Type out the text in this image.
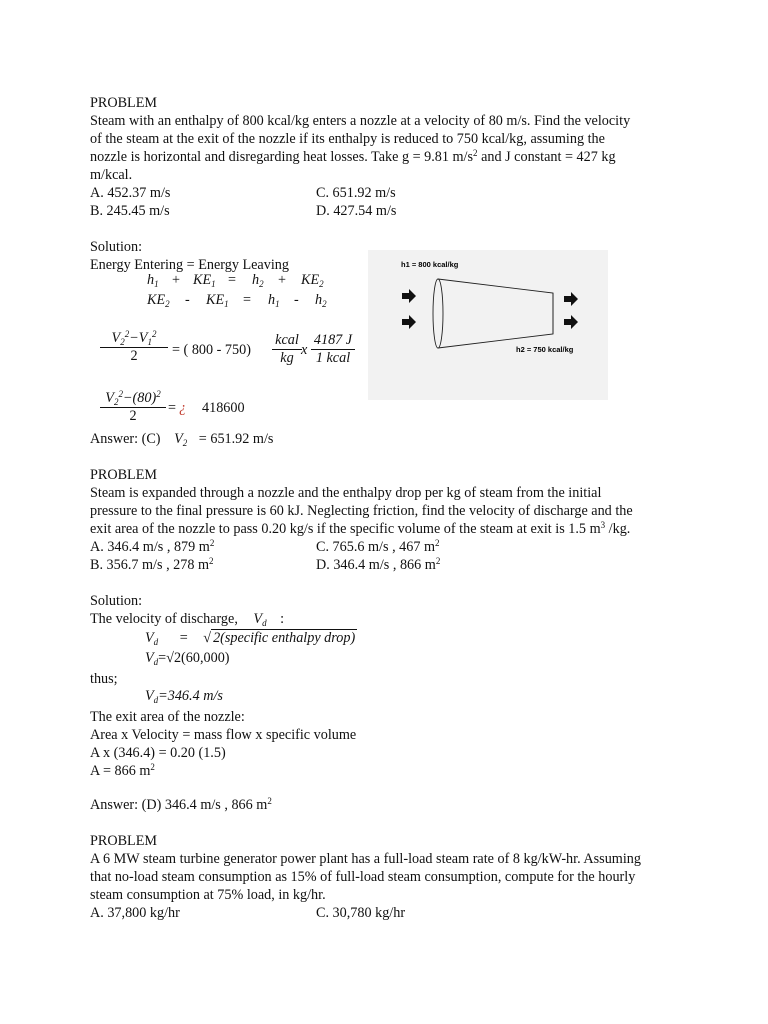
PROBLEM
Steam with an enthalpy of 800 kcal/kg enters a nozzle at a velocity of 80 m/s. Find the velocity
of the steam at the exit of the nozzle if its enthalpy is reduced to 750 kcal/kg, assuming the
nozzle is horizontal and disregarding heat losses. Take g = 9.81 $m/s^2$ and J constant = 427 kg
m/kcal.
A. 452.37 m/s	C. 651.92 m/s
B. 245.45 m/s	D. 427.54 m/s
Solution:
Energy Entering = Energy Leaving
$h_1 + KE_1 = h_2 + KE_2$
$KE_2 - KE_1 = h_1 - h_2$
$\frac{V_2^2-V_1^2}{2}$ = ( 800 - 750)
kcal
kg x
4187 J
1 kcal
$\frac{V_2^2-(80)^2}{2}$ = ¿ 418600
Answer: (C) $V_2 = 651.92$ m/s
h1 = 800 kcal/kg
h2 = 750 kcal/kg
PROBLEM
Steam is expanded through a nozzle and the enthalpy drop per kg of steam from the initial
pressure to the final pressure is 60 kJ. Neglecting friction, find the velocity of discharge and the
exit area of the nozzle to pass 0.20 kg/s if the specific volume of the steam at exit is 1.5 $m^3$ /kg.
A. 346.4 m/s , 879 $m^2$	C. 765.6 m/s , 467 $m^2$
B. 356.7 m/s , 278 $m^2$	D. 346.4 m/s , 866 $m^2$
Solution:
The velocity of discharge, $V_d$ :
$V_d$ = √ 2(specific enthalpy drop)
$V_d=√2(60,000)$
thus;
$V_d=346.4$ m/s
The exit area of the nozzle:
Area x Velocity = mass flow x specific volume
A x (346.4) = 0.20 (1.5)
A = 866 $m^2$
Answer: (D) 346.4 m/s , 866 $m^2$
PROBLEM
A 6 MW steam turbine generator power plant has a full-load steam rate of 8 kg/kW-hr. Assuming
that no-load steam consumption as 15% of full-load steam consumption, compute for the hourly
steam consumption at 75% load, in kg/hr.
A. 37,800 kg/hr	C. 30,780 kg/hr
